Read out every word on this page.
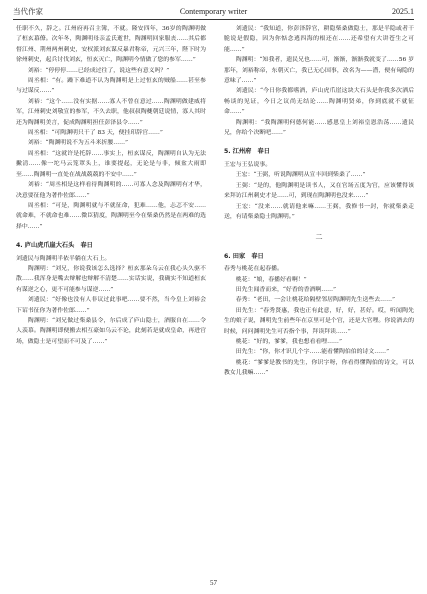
当代作家	Contemporary writer	2025.1

任职不久，辞之。江州府再召主簿，不就。隆安四年，36岁的陶渊明做了桓玄幕僚。次年冬，陶渊明母亲孟氏逝世，陶渊明回家服丧……其后都督江州、荆州两州刺史，安权派刘玄谋反暴君称帝，元兴三年，陛下时为徐州刺史，起兵讨伐刘玄，恒玄灭亡，陶渊明今情做了您的参军……”

刘裕：“停停停……已经成过往了，说这些有意义吗？”

周丞相：“有。躁下难道不认为陶渊明是上过恒玄的贼船……甚至参与过谋反……”

刘裕：“这个……没有实据……寡人不曾在意过……陶渊明做建威将军，江州刺史刘敬宣的参军，不久去职，他叔叔陶夔朝廷说情，寡人其时还为陶渊明美言，促成陶渊明担任彭泽县令……”

周丞相：“可陶渊明只干了 83 天，便挂印辞官……”

刘裕：“陶渊明说不为五斗米折腰……”

周丞相：“这就许是托辞……事实上，桓玄谋反，陶渊明自认为无法撇清……像一坨马云笼罩头上，谁要提起，无论是与非，倾盆大雨即至……陶渊明一直处在战战兢兢的不安中……”

刘裕：“周丞相是这样看待陶渊明的……可寡人念及陶渊明有才华，决意要征他为著作佐郎……”

周丞相：“可是，陶渊明就与不就征命，犯难……他，忐忑不安……就命难，不就命也难……微臣猜度，陶渊明至今在柴桑仍然是在两难的选择中……”

4. 庐山虎爪崖大石头　春日

刘遗民与陶渊明半依半躺在大石上。

陶渊明：“刘兄，你说我该怎么选择？桓玄那朵乌云在我心头久驱不散……我浑身是嘴去辩解也辩解不清楚……实话实说，我确实不知道桓玄有谋逆之心，更不可能参与谋逆……”

刘遗民：“好像也没有人非议过此事吧……要不然，当今皇上刘裕会下诏书征你为著作佐郎……”

陶渊明：“刘兄做过柴桑县令，尔后成了庐山隐士，酒服自在……令人羡慕。陶渊明即便搬去相互豪如乌云不论，此刻若是就成皇命，再进官场，做隐士是可望而不可及了……”

刘遗民：“我知道，你彭泽辞官，耕隐柴桑做隐士，那是半隐或者干脆说是假隐，因为你惦念逃四海的根还在……还希望有大讲苍生之可能……”

陶渊明：“知我者，遗民兄也……可，渐渐，渐渐我就变了……56 岁那年，刘裕称帝，东朝灭亡，我已无心国事，改名为——潜，便有匈隐的意味了……”

刘遗民：“今日你我都嗜酒，庐山虎爪崖这块大石头是你我多次洒后畅谈的见证，今日之议尚无结论……陶渊明贤弟，你到底就不就征命……”

陶渊明：“我陶渊明何德何能……感恩皇上刘裕皇恩浩荡……遗民兄，你给个决断吧……”

5. 江州府　春日

王宏与王弘说事。

王宏：“王弼，听说陶渊明从宣丰回到柴桑了……”

王弼：“是的，他陶渊明是读书人，又在官场五度为官，应该懂得该来拜访江州刺史才是……可，到现在陶渊明也没来……”

王宏：“没来……就请他来嘛……王弼，我修书一封，你就柴桑走送，有请柴桑隐士陶渊明。”

二
6. 田家　春日

春秀与桃花在起春播。

桃花：“娘，春播好看啊！”

田先生闻香而来，“好香的香酒啊……”

春秀：“老田，一会让桃花给隔壁邻居陶渊明先生送些去……”

田先生：“春秀贤惠，我也正有此意，好，好，甚好。哎，听闻陶先生的娘子说，渊明先生前些年在京里可是个官，还是大官哩。你说酒去的时候，问问渊明先生可否指个事，拜读拜读……”

桃花：“好的，爹爹，我也想看看哩……”

田先生：“你，你才识几个字……能看懂陶伯伯的诗文……”

桃花：“爹爹是教书的先生，你识字呀，你看得懂陶伯的诗文，可以教女儿我嘛……”

57
